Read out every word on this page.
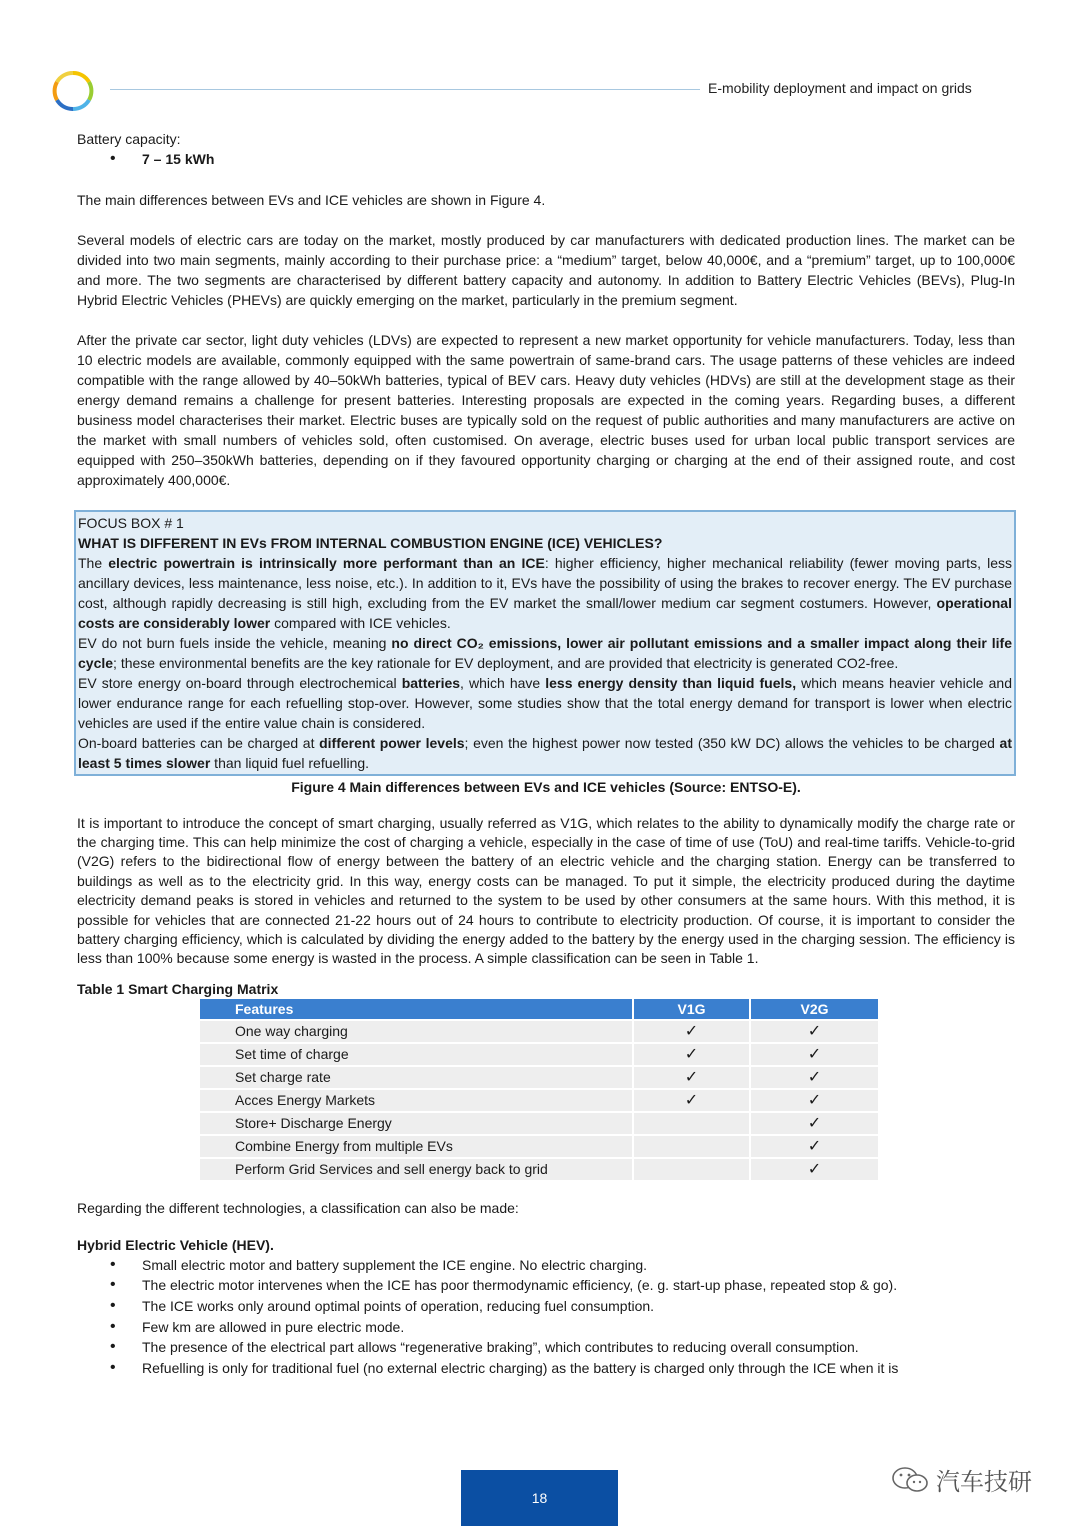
E-mobility deployment and impact on grids

Battery capacity:

• 7 – 15 kWh

The main differences between EVs and ICE vehicles are shown in Figure 4.

Several models of electric cars are today on the market, mostly produced by car manufacturers with dedicated production lines. The market can be divided into two main segments, mainly according to their purchase price: a “medium” target, below 40,000€, and a “premium” target, up to 100,000€ and more. The two segments are characterised by different battery capacity and autonomy. In addition to Battery Electric Vehicles (BEVs), Plug-In Hybrid Electric Vehicles (PHEVs) are quickly emerging on the market, particularly in the premium segment.

After the private car sector, light duty vehicles (LDVs) are expected to represent a new market opportunity for vehicle manufacturers. Today, less than 10 electric models are available, commonly equipped with the same powertrain of same-brand cars. The usage patterns of these vehicles are indeed compatible with the range allowed by 40–50kWh batteries, typical of BEV cars. Heavy duty vehicles (HDVs) are still at the development stage as their energy demand remains a challenge for present batteries. Interesting proposals are expected in the coming years. Regarding buses, a different business model characterises their market. Electric buses are typically sold on the request of public authorities and many manufacturers are active on the market with small numbers of vehicles sold, often customised. On average, electric buses used for urban local public transport services are equipped with 250–350kWh batteries, depending on if they favoured opportunity charging or charging at the end of their assigned route, and cost approximately 400,000€.

FOCUS BOX # 1

WHAT IS DIFFERENT IN EVs FROM INTERNAL COMBUSTION ENGINE (ICE) VEHICLES?

The electric powertrain is intrinsically more performant than an ICE: higher efficiency, higher mechanical reliability (fewer moving parts, less ancillary devices, less maintenance, less noise, etc.). In addition to it, EVs have the possibility of using the brakes to recover energy. The EV purchase cost, although rapidly decreasing is still high, excluding from the EV market the small/lower medium car segment costumers. However, operational costs are considerably lower compared with ICE vehicles.

EV do not burn fuels inside the vehicle, meaning no direct CO₂ emissions, lower air pollutant emissions and a smaller impact along their life cycle; these environmental benefits are the key rationale for EV deployment, and are provided that electricity is generated CO2-free.

EV store energy on-board through electrochemical batteries, which have less energy density than liquid fuels, which means heavier vehicle and lower endurance range for each refuelling stop-over. However, some studies show that the total energy demand for transport is lower when electric vehicles are used if the entire value chain is considered.

On-board batteries can be charged at different power levels; even the highest power now tested (350 kW DC) allows the vehicles to be charged at least 5 times slower than liquid fuel refuelling.

Figure 4 Main differences between EVs and ICE vehicles (Source: ENTSO-E).

It is important to introduce the concept of smart charging, usually referred as V1G, which relates to the ability to dynamically modify the charge rate or the charging time. This can help minimize the cost of charging a vehicle, especially in the case of time of use (ToU) and real-time tariffs. Vehicle-to-grid (V2G) refers to the bidirectional flow of energy between the battery of an electric vehicle and the charging station. Energy can be transferred to buildings as well as to the electricity grid. In this way, energy costs can be managed. To put it simple, the electricity produced during the daytime electricity demand peaks is stored in vehicles and returned to the system to be used by other consumers at the same hours. With this method, it is possible for vehicles that are connected 21-22 hours out of 24 hours to contribute to electricity production. Of course, it is important to consider the battery charging efficiency, which is calculated by dividing the energy added to the battery by the energy used in the charging session. The efficiency is less than 100% because some energy is wasted in the process. A simple classification can be seen in Table 1.

Table 1 Smart Charging Matrix

Features	V1G	V2G
One way charging	✓	✓
Set time of charge	✓	✓
Set charge rate	✓	✓
Acces Energy Markets	✓	✓
Store+ Discharge Energy		✓
Combine Energy from multiple EVs		✓
Perform Grid Services and sell energy back to grid		✓

Regarding the different technologies, a classification can also be made:

Hybrid Electric Vehicle (HEV).

• Small electric motor and battery supplement the ICE engine. No electric charging.
• The electric motor intervenes when the ICE has poor thermodynamic efficiency, (e. g. start-up phase, repeated stop & go).
• The ICE works only around optimal points of operation, reducing fuel consumption.
• Few km are allowed in pure electric mode.
• The presence of the electrical part allows “regenerative braking”, which contributes to reducing overall consumption.
• Refuelling is only for traditional fuel (no external electric charging) as the battery is charged only through the ICE when it is
18
汽车技研
